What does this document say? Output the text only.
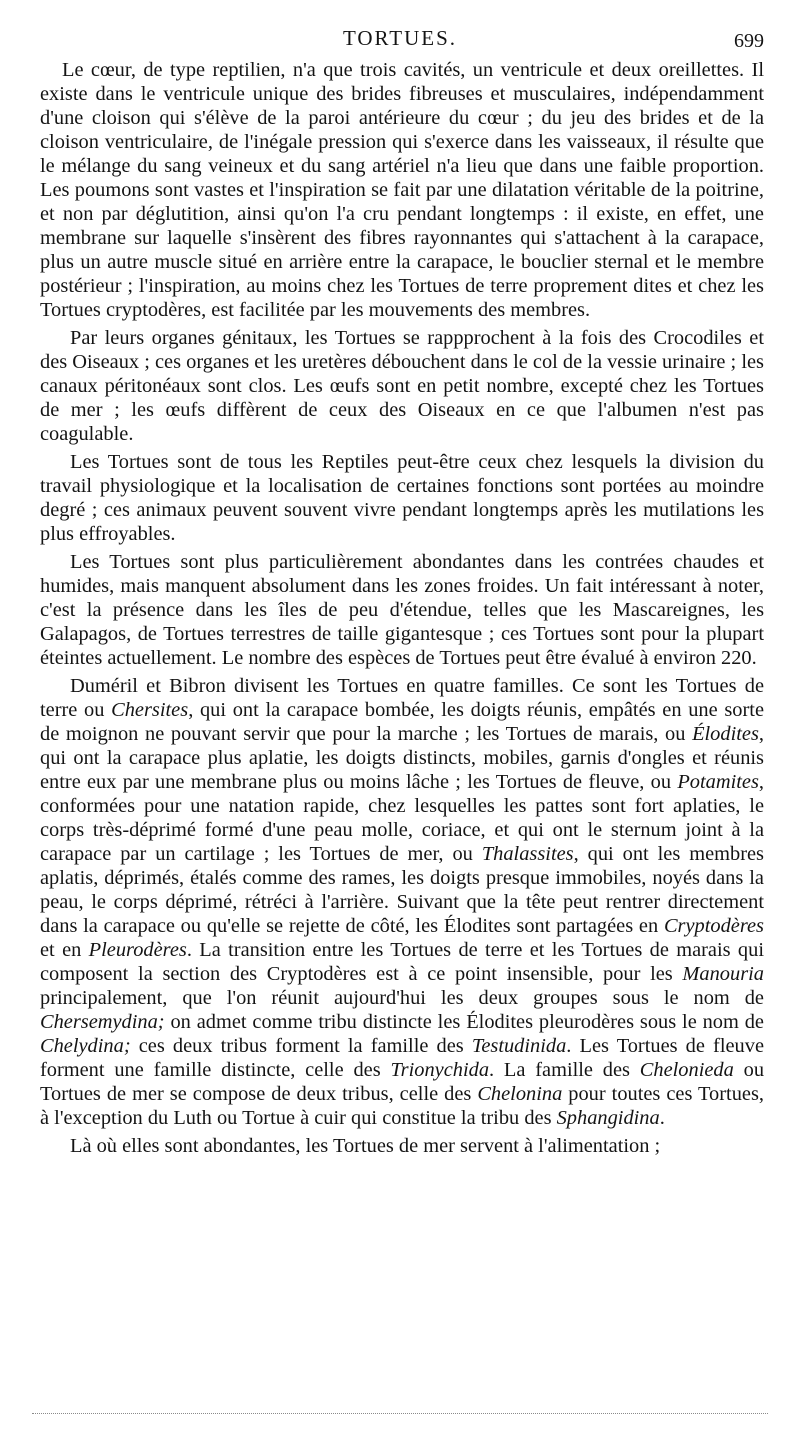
TORTUES.	699

Le cœur, de type reptilien, n'a que trois cavités, un ventricule et deux oreillettes. Il existe dans le ventricule unique des brides fibreuses et musculaires, indépendamment d'une cloison qui s'élève de la paroi antérieure du cœur ; du jeu des brides et de la cloison ventriculaire, de l'inégale pression qui s'exerce dans les vaisseaux, il résulte que le mélange du sang veineux et du sang artériel n'a lieu que dans une faible proportion. Les poumons sont vastes et l'inspiration se fait par une dilatation véritable de la poitrine, et non par déglutition, ainsi qu'on l'a cru pendant longtemps : il existe, en effet, une membrane sur laquelle s'insèrent des fibres rayonnantes qui s'attachent à la carapace, plus un autre muscle situé en arrière entre la carapace, le bouclier sternal et le membre postérieur ; l'inspiration, au moins chez les Tortues de terre proprement dites et chez les Tortues cryptodères, est facilitée par les mouvements des membres.

Par leurs organes génitaux, les Tortues se rappprochent à la fois des Crocodiles et des Oiseaux ; ces organes et les uretères débouchent dans le col de la vessie urinaire ; les canaux péritonéaux sont clos. Les œufs sont en petit nombre, excepté chez les Tortues de mer ; les œufs diffèrent de ceux des Oiseaux en ce que l'albumen n'est pas coagulable.

Les Tortues sont de tous les Reptiles peut-être ceux chez lesquels la division du travail physiologique et la localisation de certaines fonctions sont portées au moindre degré ; ces animaux peuvent souvent vivre pendant longtemps après les mutilations les plus effroyables.

Les Tortues sont plus particulièrement abondantes dans les contrées chaudes et humides, mais manquent absolument dans les zones froides. Un fait intéressant à noter, c'est la présence dans les îles de peu d'étendue, telles que les Mascareignes, les Galapagos, de Tortues terrestres de taille gigantesque ; ces Tortues sont pour la plupart éteintes actuellement. Le nombre des espèces de Tortues peut être évalué à environ 220.

Duméril et Bibron divisent les Tortues en quatre familles. Ce sont les Tortues de terre ou Chersites, qui ont la carapace bombée, les doigts réunis, empâtés en une sorte de moignon ne pouvant servir que pour la marche ; les Tortues de marais, ou Élodites, qui ont la carapace plus aplatie, les doigts distincts, mobiles, garnis d'ongles et réunis entre eux par une membrane plus ou moins lâche ; les Tortues de fleuve, ou Potamites, conformées pour une natation rapide, chez lesquelles les pattes sont fort aplaties, le corps très-déprimé formé d'une peau molle, coriace, et qui ont le sternum joint à la carapace par un cartilage ; les Tortues de mer, ou Thalassites, qui ont les membres aplatis, déprimés, étalés comme des rames, les doigts presque immobiles, noyés dans la peau, le corps déprimé, rétréci à l'arrière. Suivant que la tête peut rentrer directement dans la carapace ou qu'elle se rejette de côté, les Élodites sont partagées en Cryptodères et en Pleurodères. La transition entre les Tortues de terre et les Tortues de marais qui composent la section des Cryptodères est à ce point insensible, pour les Manouria principalement, que l'on réunit aujourd'hui les deux groupes sous le nom de Chersemydina; on admet comme tribu distincte les Élodites pleurodères sous le nom de Chelydina; ces deux tribus forment la famille des Testudinida. Les Tortues de fleuve forment une famille distincte, celle des Trionychida. La famille des Chelonieda ou Tortues de mer se compose de deux tribus, celle des Chelonina pour toutes ces Tortues, à l'exception du Luth ou Tortue à cuir qui constitue la tribu des Sphangidina.

Là où elles sont abondantes, les Tortues de mer servent à l'alimentation ;
